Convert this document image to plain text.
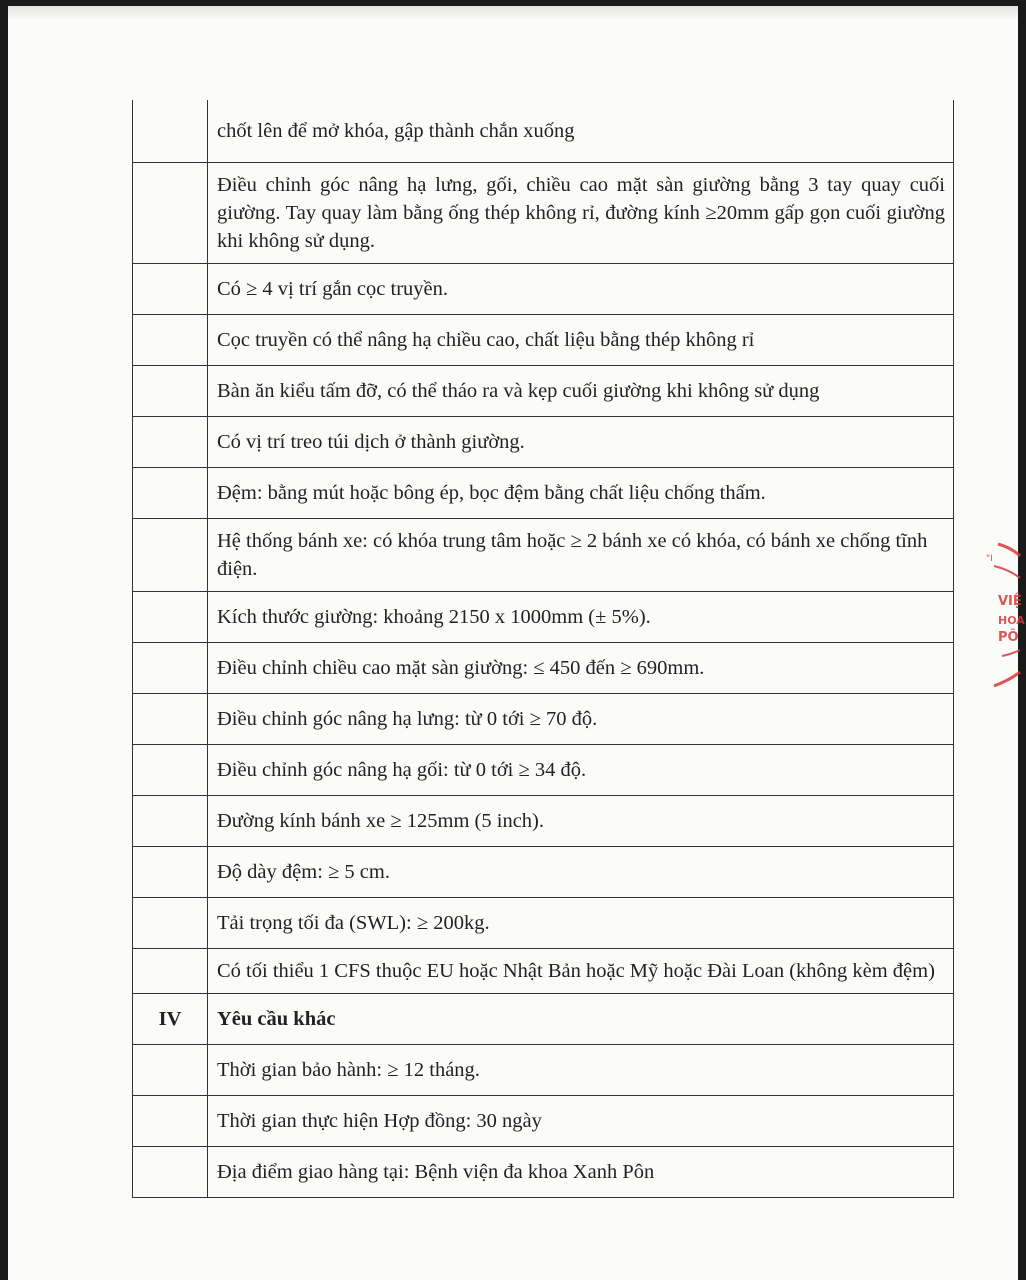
	chốt lên để mở khóa, gập thành chắn xuống
	Điều chỉnh góc nâng hạ lưng, gối, chiều cao mặt sàn giường bằng 3 tay quay cuối giường. Tay quay làm bằng ống thép không rỉ, đường kính ≥20mm gấp gọn cuối giường khi không sử dụng.
	Có ≥ 4 vị trí gắn cọc truyền.
	Cọc truyền có thể nâng hạ chiều cao, chất liệu bằng thép không rỉ
	Bàn ăn kiểu tấm đỡ, có thể tháo ra và kẹp cuối giường khi không sử dụng
	Có vị trí treo túi dịch ở thành giường.
	Đệm: bằng mút hoặc bông ép, bọc đệm bằng chất liệu chống thấm.
	Hệ thống bánh xe: có khóa trung tâm hoặc ≥ 2 bánh xe có khóa, có bánh xe chống tĩnh điện.
	Kích thước giường: khoảng 2150 x 1000mm (± 5%).
	Điều chỉnh chiều cao mặt sàn giường: ≤ 450 đến ≥ 690mm.
	Điều chỉnh góc nâng hạ lưng: từ 0 tới ≥ 70 độ.
	Điều chỉnh góc nâng hạ gối: từ 0 tới ≥ 34 độ.
	Đường kính bánh xe ≥ 125mm (5 inch).
	Độ dày đệm: ≥ 5 cm.
	Tải trọng tối đa (SWL): ≥ 200kg.
	Có tối thiểu 1 CFS thuộc EU hoặc Nhật Bản hoặc Mỹ hoặc Đài Loan (không kèm đệm)
IV	Yêu cầu khác
	Thời gian bảo hành: ≥ 12 tháng.
	Thời gian thực hiện Hợp đồng: 30 ngày
	Địa điểm giao hàng tại: Bệnh viện đa khoa Xanh Pôn
"I
VIỆ
HOA
PÔ
